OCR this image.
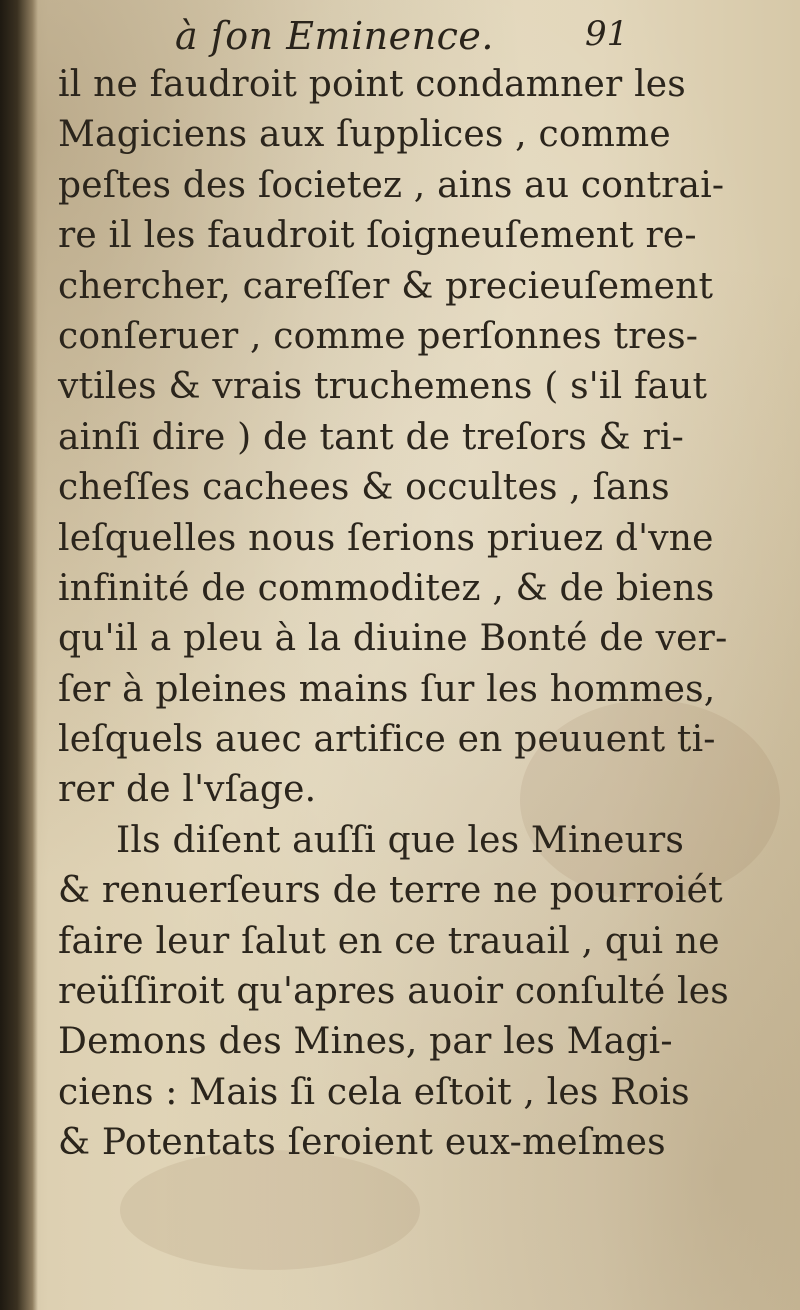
à ſon Eminence.	91
il ne faudroit point condamner les
Magiciens aux ſupplices , comme
peſtes des ſocietez , ains au contrai-
re il les faudroit ſoigneuſement re-
chercher, careſſer & precieuſement
conſeruer , comme perſonnes tres-
vtiles & vrais truchemens ( s'il faut
ainſi dire ) de tant de treſors & ri-
cheſſes cachees & occultes , ſans
leſquelles nous ſerions priuez d'vne
infinité de commoditez , & de biens
qu'il a pleu à la diuine Bonté de ver-
ſer à pleines mains ſur les hommes,
leſquels auec artifice en peuuent ti-
rer de l'vſage.
Ils diſent auſſi que les Mineurs
& renuerſeurs de terre ne pourroiét
faire leur ſalut en ce trauail , qui ne
reüſſiroit qu'apres auoir conſulté les
Demons des Mines, par les Magi-
ciens : Mais ſi cela eſtoit , les Rois
& Potentats ſeroient eux-meſmes
